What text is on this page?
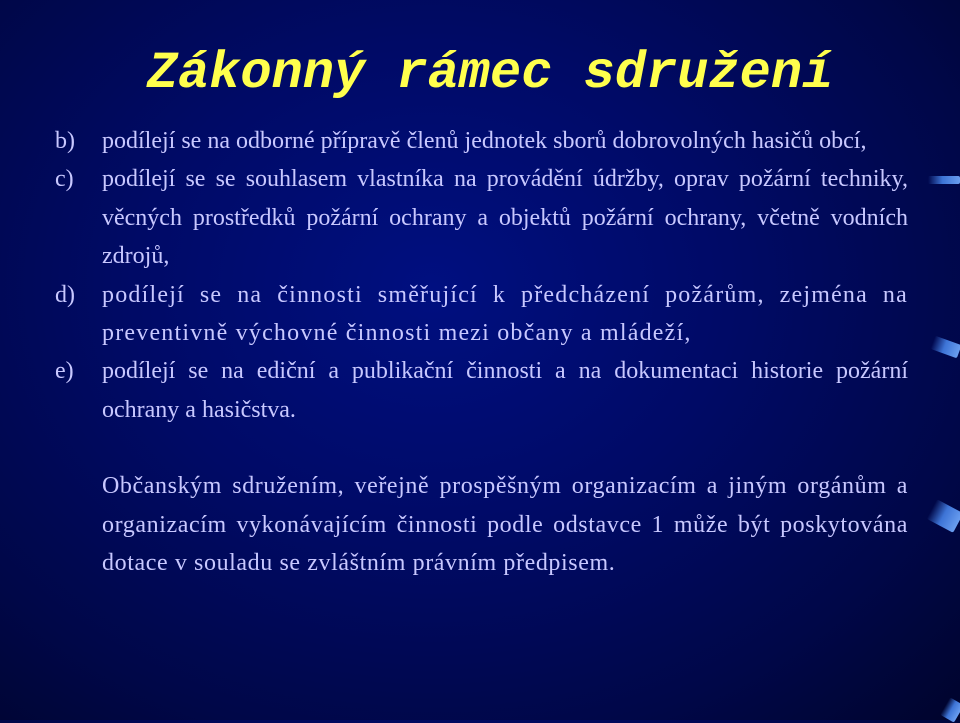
Zákonný rámec sdružení
b)	podílejí se na odborné přípravě členů jednotek sborů dobrovolných hasičů obcí,
c)	podílejí se se souhlasem vlastníka na provádění údržby, oprav požární techniky, věcných prostředků požární ochrany a objektů požární ochrany, včetně vodních zdrojů,
d)	podílejí se na činnosti směřující k předcházení požárům, zejména na preventivně výchovné činnosti mezi občany a mládeží,
e)	podílejí se na ediční a publikační činnosti a na dokumentaci historie požární ochrany a hasičstva.

Občanským sdružením, veřejně prospěšným organizacím a jiným orgánům a organizacím vykonávajícím činnosti podle odstavce 1 může být poskytována dotace v souladu se zvláštním právním předpisem.
